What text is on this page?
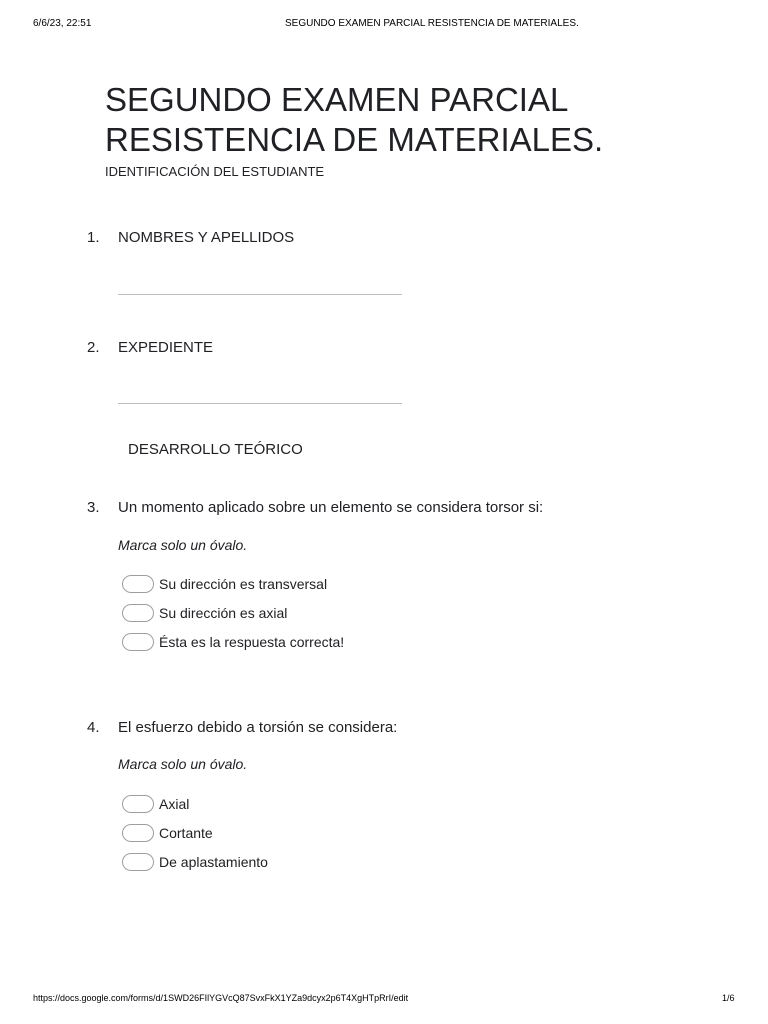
6/6/23, 22:51	SEGUNDO EXAMEN PARCIAL RESISTENCIA DE MATERIALES.
SEGUNDO EXAMEN PARCIAL
RESISTENCIA DE MATERIALES.
IDENTIFICACIÓN DEL ESTUDIANTE
1. NOMBRES Y APELLIDOS
2. EXPEDIENTE
DESARROLLO TEÓRICO
3. Un momento aplicado sobre un elemento se considera torsor si:
Marca solo un óvalo.
Su dirección es transversal
Su dirección es axial
Ésta es la respuesta correcta!
4. El esfuerzo debido a torsión se considera:
Marca solo un óvalo.
Axial
Cortante
De aplastamiento
https://docs.google.com/forms/d/1SWD26FIlYGVcQ87SvxFkX1YZa9dcyx2p6T4XgHTpRrI/edit	1/6
